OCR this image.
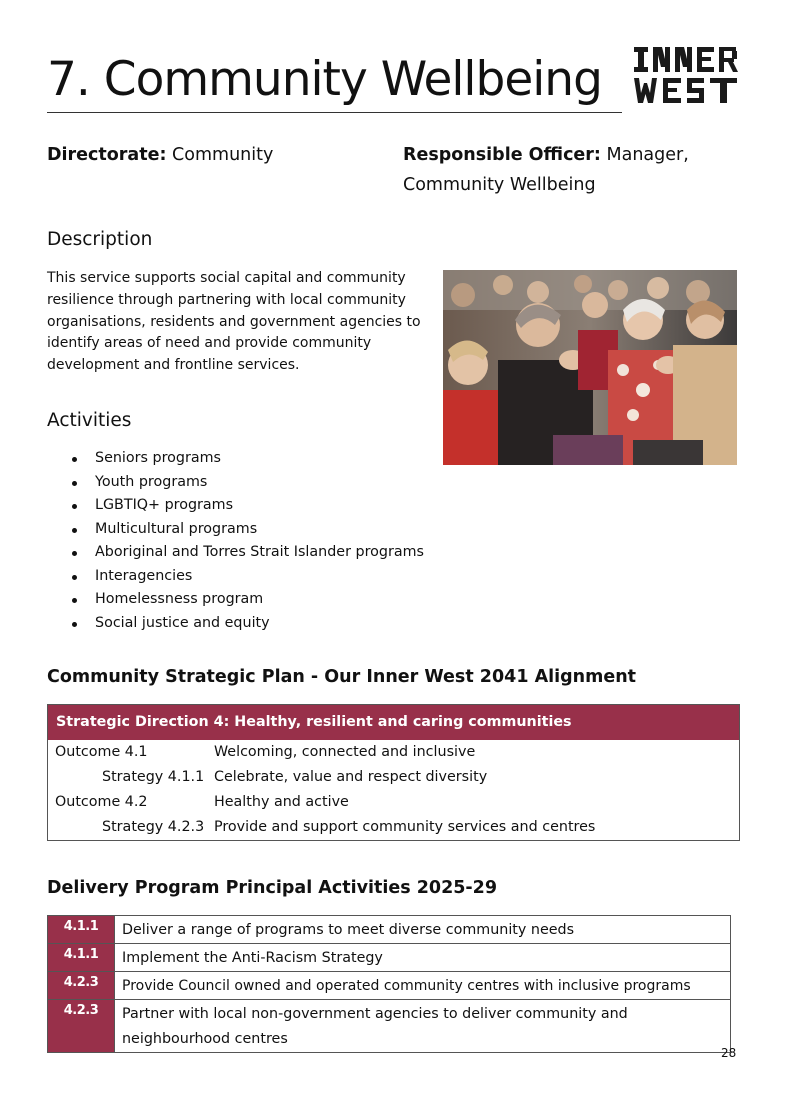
7. Community Wellbeing
Directorate: Community	Responsible Officer: Manager, Community Wellbeing
Description

This service supports social capital and community resilience through partnering with local community organisations, residents and government agencies to identify areas of need and provide community development and frontline services.

Activities
Seniors programs
Youth programs
LGBTIQ+ programs
Multicultural programs
Aboriginal and Torres Strait Islander programs
Interagencies
Homelessness program
Social justice and equity
Community Strategic Plan - Our Inner West 2041 Alignment
Strategic Direction 4: Healthy, resilient and caring communities
Outcome 4.1	Welcoming, connected and inclusive
Strategy 4.1.1 Celebrate, value and respect diversity
Outcome 4.2	Healthy and active
Strategy 4.2.3 Provide and support community services and centres
Delivery Program Principal Activities 2025-29
4.1.1	Deliver a range of programs to meet diverse community needs
4.1.1	Implement the Anti-Racism Strategy
4.2.3	Provide Council owned and operated community centres with inclusive programs
4.2.3	Partner with local non-government agencies to deliver community and neighbourhood centres
28
